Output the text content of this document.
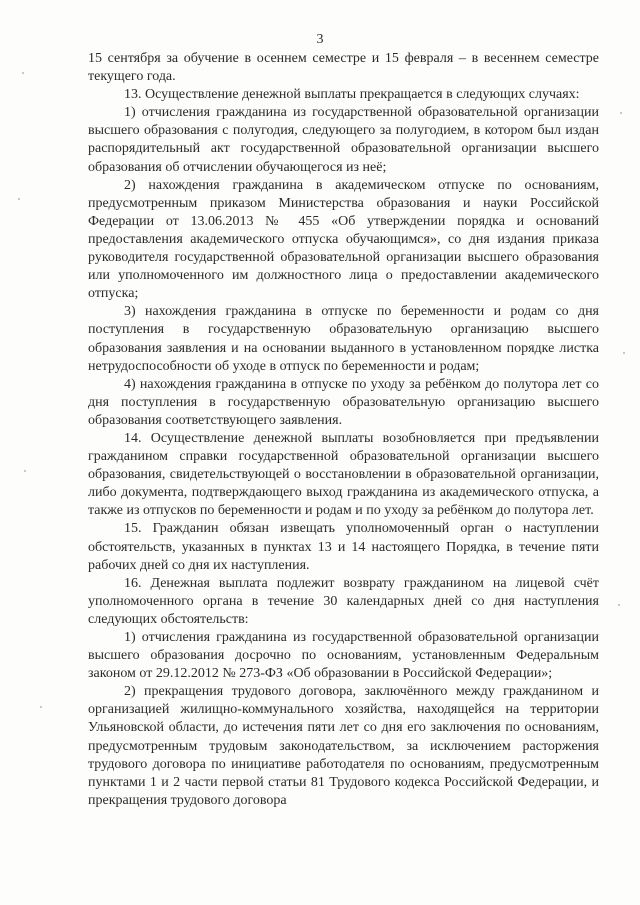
3

15 сентября за обучение в осеннем семестре и 15 февраля – в весеннем семестре текущего года.

13. Осуществление денежной выплаты прекращается в следующих случаях:

1) отчисления гражданина из государственной образовательной организации высшего образования с полугодия, следующего за полугодием, в котором был издан распорядительный акт государственной образовательной организации высшего образования об отчислении обучающегося из неё;

2) нахождения гражданина в академическом отпуске по основаниям, предусмотренным приказом Министерства образования и науки Российской Федерации от 13.06.2013 № 455 «Об утверждении порядка и оснований предоставления академического отпуска обучающимся», со дня издания приказа руководителя государственной образовательной организации высшего образования или уполномоченного им должностного лица о предоставлении академического отпуска;

3) нахождения гражданина в отпуске по беременности и родам со дня поступления в государственную образовательную организацию высшего образования заявления и на основании выданного в установленном порядке листка нетрудоспособности об уходе в отпуск по беременности и родам;

4) нахождения гражданина в отпуске по уходу за ребёнком до полутора лет со дня поступления в государственную образовательную организацию высшего образования соответствующего заявления.

14. Осуществление денежной выплаты возобновляется при предъявлении гражданином справки государственной образовательной организации высшего образования, свидетельствующей о восстановлении в образовательной организации, либо документа, подтверждающего выход гражданина из академического отпуска, а также из отпусков по беременности и родам и по уходу за ребёнком до полутора лет.

15. Гражданин обязан извещать уполномоченный орган о наступлении обстоятельств, указанных в пунктах 13 и 14 настоящего Порядка, в течение пяти рабочих дней со дня их наступления.

16. Денежная выплата подлежит возврату гражданином на лицевой счёт уполномоченного органа в течение 30 календарных дней со дня наступления следующих обстоятельств:

1) отчисления гражданина из государственной образовательной организации высшего образования досрочно по основаниям, установленным Федеральным законом от 29.12.2012 № 273-ФЗ «Об образовании в Российской Федерации»;

2) прекращения трудового договора, заключённого между гражданином и организацией жилищно-коммунального хозяйства, находящейся на территории Ульяновской области, до истечения пяти лет со дня его заключения по основаниям, предусмотренным трудовым законодательством, за исключением расторжения трудового договора по инициативе работодателя по основаниям, предусмотренным пунктами 1 и 2 части первой статьи 81 Трудового кодекса Российской Федерации, и прекращения трудового договора
